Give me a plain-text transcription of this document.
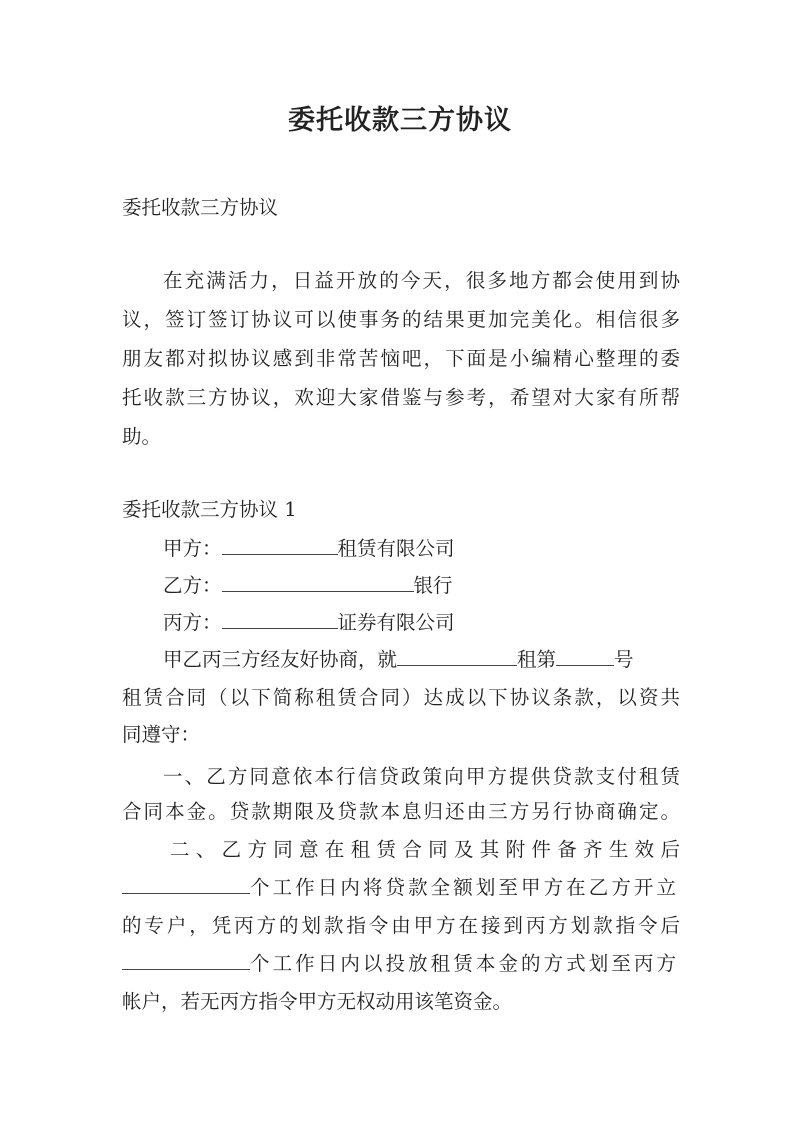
委托收款三方协议
委托收款三方协议
在充满活力，日益开放的今天，很多地方都会使用到协
议，签订签订协议可以使事务的结果更加完美化。相信很多
朋友都对拟协议感到非常苦恼吧，下面是小编精心整理的委
托收款三方协议，欢迎大家借鉴与参考，希望对大家有所帮
助。
委托收款三方协议 1
甲方：	租赁有限公司
乙方：	银行
丙方：	证券有限公司
甲乙丙三方经友好协商，就	租第	号
租赁合同（以下简称租赁合同）达成以下协议条款，以资共
同遵守：
一、乙方同意依本行信贷政策向甲方提供贷款支付租赁
合同本金。贷款期限及贷款本息归还由三方另行协商确定。
二、乙方同意在租赁合同及其附件备齐生效后
个工作日内将贷款全额划至甲方在乙方开立
的专户，凭丙方的划款指令由甲方在接到丙方划款指令后
个工作日内以投放租赁本金的方式划至丙方
帐户，若无丙方指令甲方无权动用该笔资金。
